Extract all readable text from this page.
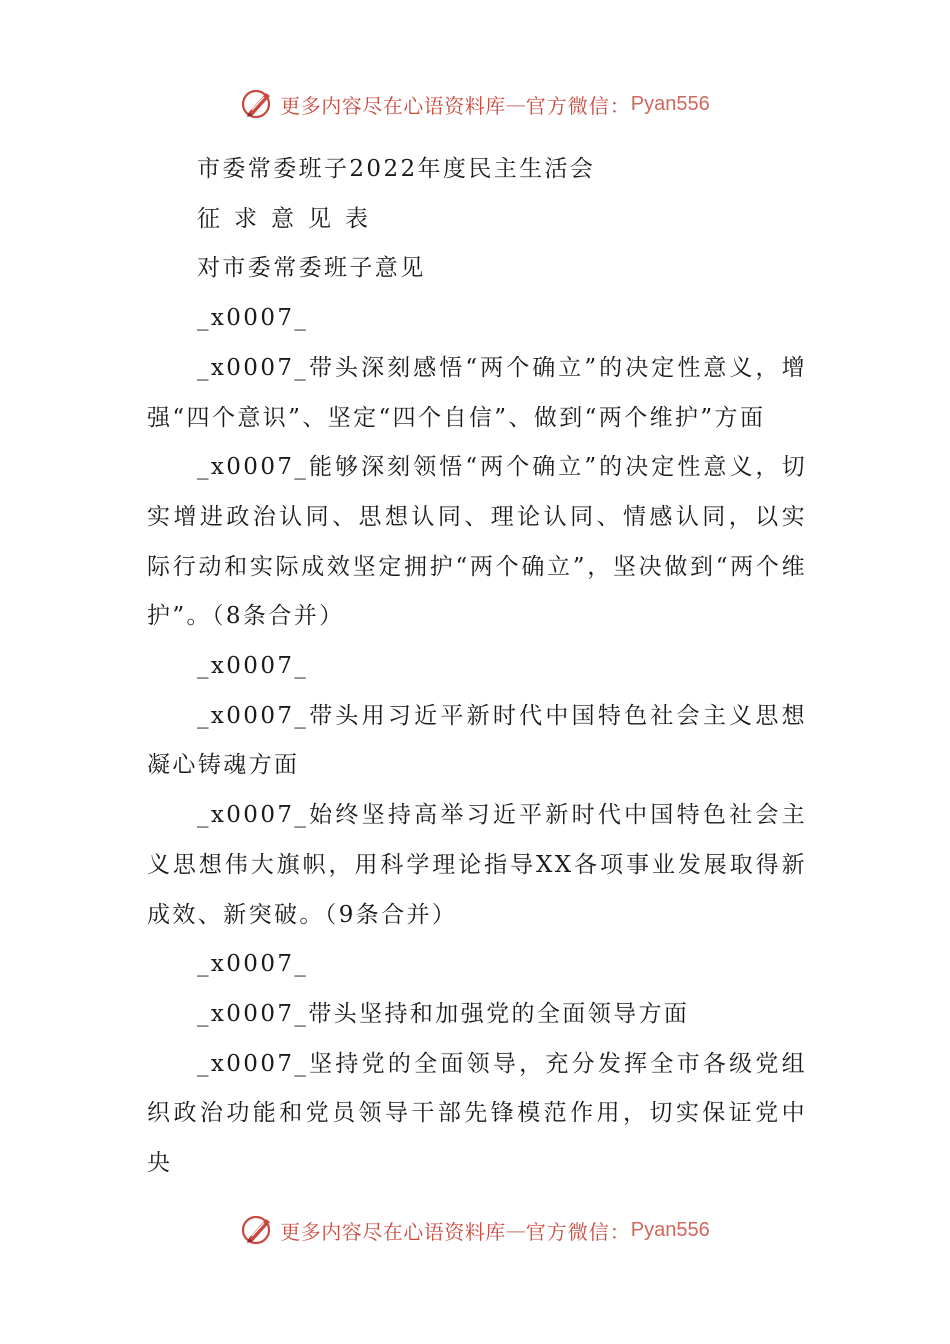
更多内容尽在心语资料库 — 官方微信： Pyan556

市委常委班子2022年度民主生活会

征求意见表

对市委常委班子意见

_x0007_

_x0007_带头深刻感悟“两个确立”的决定性意义，增强“四个意识”、坚定“四个自信”、做到“两个维护”方面

_x0007_能够深刻领悟“两个确立”的决定性意义，切实增进政治认同、思想认同、理论认同、情感认同，以实际行动和实际成效坚定拥护“两个确立”，坚决做到“两个维护”。（8条合并）

_x0007_

_x0007_带头用习近平新时代中国特色社会主义思想凝心铸魂方面

_x0007_始终坚持高举习近平新时代中国特色社会主义思想伟大旗帜，用科学理论指导XX各项事业发展取得新成效、新突破。（9条合并）

_x0007_

_x0007_带头坚持和加强党的全面领导方面

_x0007_坚持党的全面领导，充分发挥全市各级党组织政治功能和党员领导干部先锋模范作用，切实保证党中央

更多内容尽在心语资料库 — 官方微信： Pyan556
